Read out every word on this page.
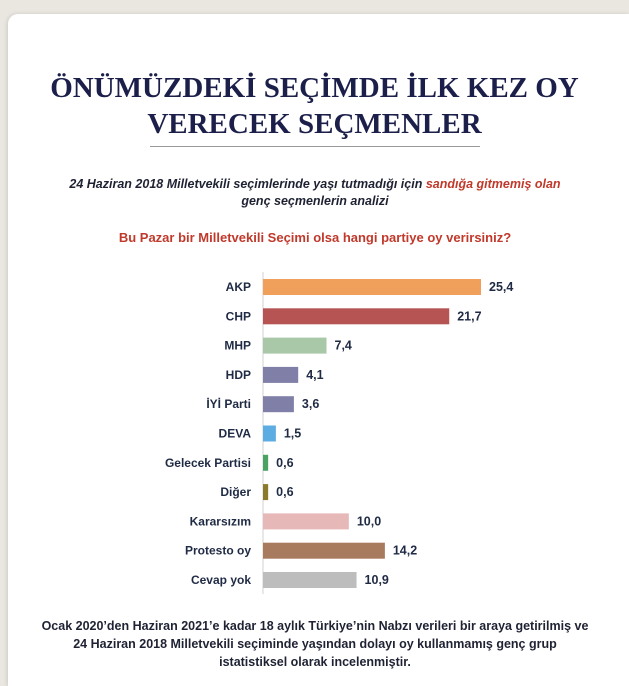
ÖNÜMÜZDEKİ SEÇİMDE İLK KEZ OY
VERECEK SEÇMENLER
24 Haziran 2018 Milletvekili seçimlerinde yaşı tutmadığı için sandığa gitmemiş olan genç seçmenlerin analizi
Bu Pazar bir Milletvekili Seçimi olsa hangi partiye oy verirsiniz?
AKP	25,4
CHP	21,7
MHP	7,4
HDP	4,1
İYİ Parti	3,6
DEVA	1,5
Gelecek Partisi 0,6
Diğer 0,6
Kararsızım	10,0
Protesto oy	14,2
Cevap yok	10,9
Ocak 2020’den Haziran 2021’e kadar 18 aylık Türkiye’nin Nabzı verileri bir araya getirilmiş ve 24 Haziran 2018 Milletvekili seçiminde yaşından dolayı oy kullanmamış genç grup istatistiksel olarak incelenmiştir.
